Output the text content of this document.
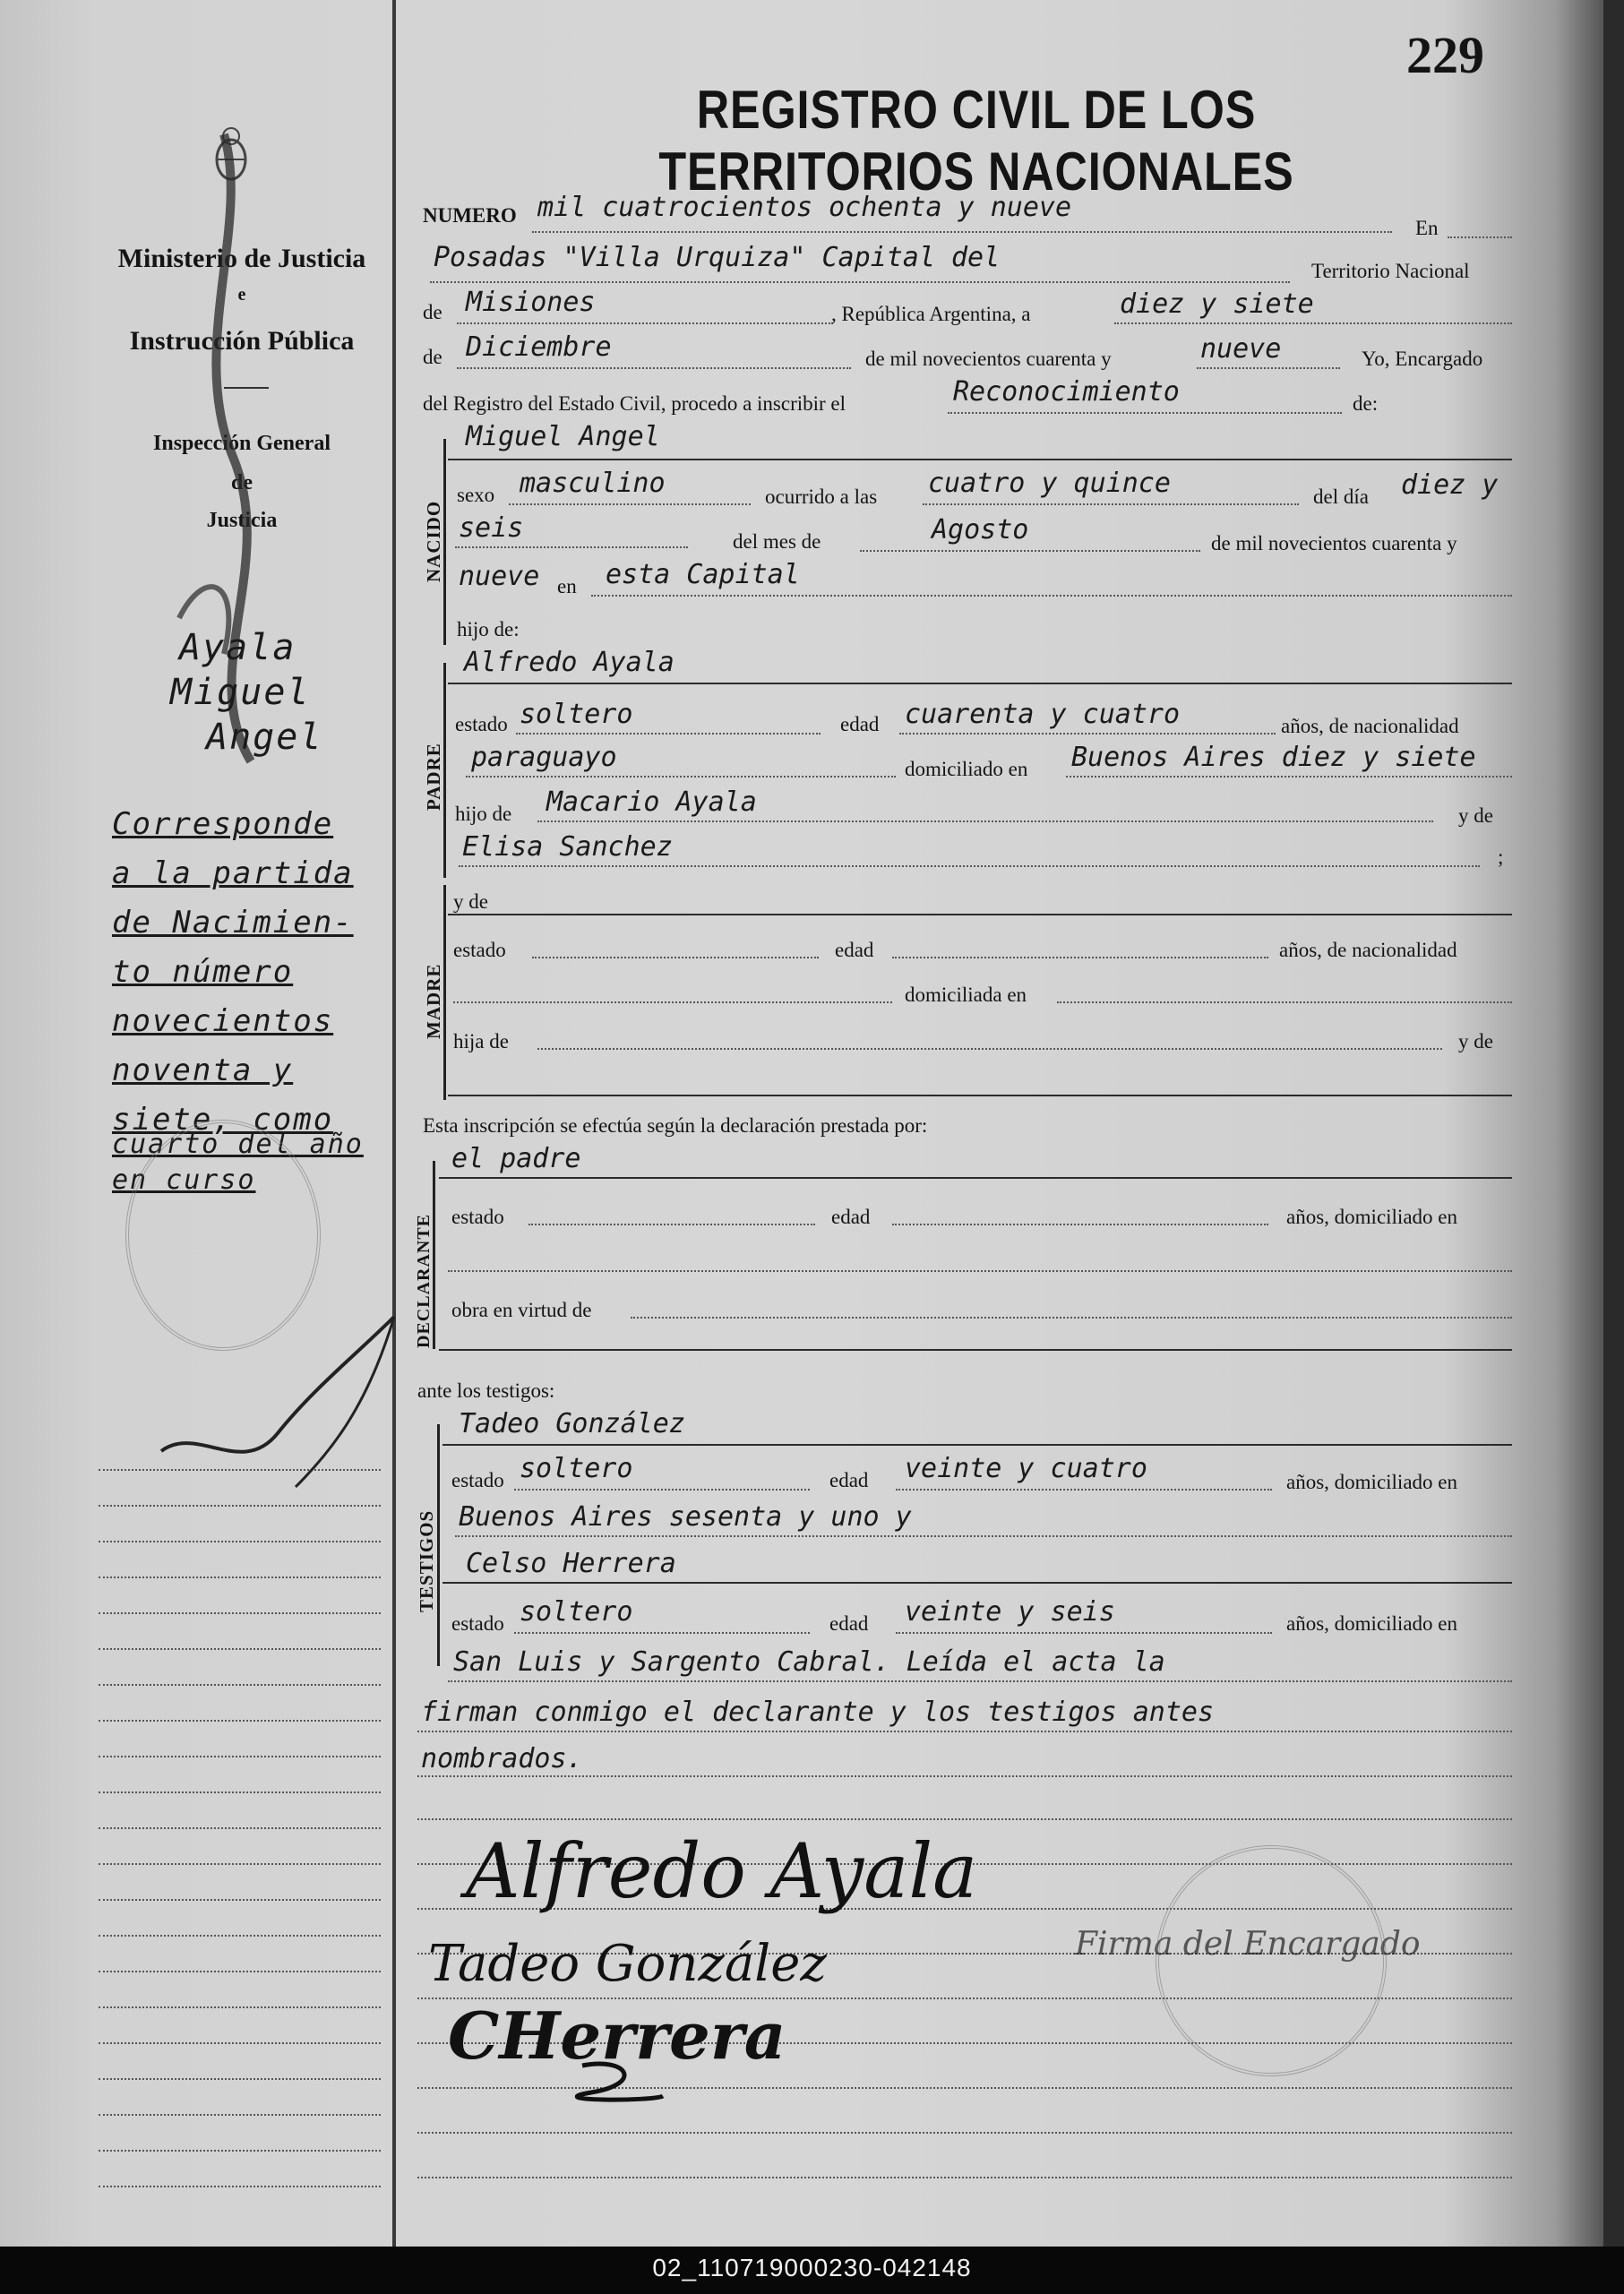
Ministerio de Justicia
e
Instrucción Pública
Inspección General
de
Justicia
Ayala
Miguel
Angel
Corresponde
a la partida
de Nacimien-
to número
novecientos
noventa y
siete, como
cuarto del año
en curso
229
REGISTRO CIVIL DE LOS TERRITORIOS NACIONALES
NUMERO mil cuatrocientos ochenta y nueve
En
Posadas "Villa Urquiza" Capital del	Territorio Nacional
de Misiones	, República Argentina, a	diez y siete
de Diciembre	de mil novecientos cuarenta y	nueve	Yo, Encargado
del Registro del Estado Civil, procedo a inscribir el	Reconocimiento	de:
NACIDO
Miguel Angel
sexo masculino	ocurrido a las cuatro y quince	del día diez y
seis	del mes de	Agosto	de mil novecientos cuarenta y
nueve en esta Capital
hijo de:
PADRE
Alfredo Ayala
estado soltero	edad cuarenta y cuatro	años, de nacionalidad
paraguayo	domiciliado en Buenos Aires diez y siete
hijo de Macario Ayala	y de
Elisa Sanchez	;
MADRE
y de
estado	edad	años, de nacionalidad
domiciliada en
hija de	y de
Esta inscripción se efectúa según la declaración prestada por:
DECLARANTE
el padre
estado	edad	años, domiciliado en
obra en virtud de
ante los testigos:
TESTIGOS
Tadeo González
estado soltero	edad veinte y cuatro	años, domiciliado en
Buenos Aires sesenta y uno y
Celso Herrera
estado soltero	edad veinte y seis	años, domiciliado en
San Luis y Sargento Cabral. Leída el acta la
firman conmigo el declarante y los testigos antes
nombrados.
Alfredo Ayala
Tadeo González
CHerrera
Firma del Encargado
02_110719000230-042148
